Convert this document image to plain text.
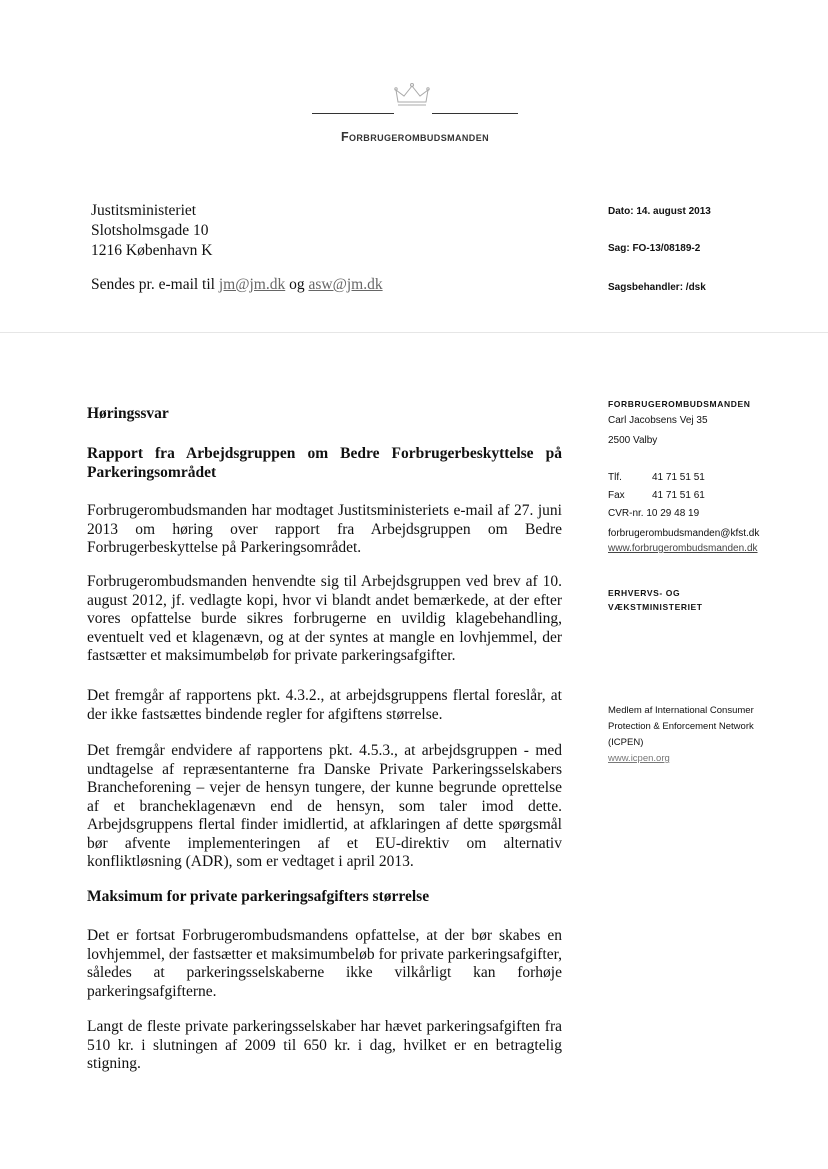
Forbrugerombudsmanden
Justitsministeriet
Slotsholmsgade 10
1216 København K
Sendes pr. e-mail til jm@jm.dk og asw@jm.dk
Dato: 14. august 2013
Sag: FO-13/08189-2
Sagsbehandler: /dsk
FORBRUGEROMBUDSMANDEN
Carl Jacobsens Vej 35
2500 Valby
Tlf.	41 71 51 51
Fax	41 71 51 61
CVR-nr. 10 29 48 19
forbrugerombudsmanden@kfst.dk
www.forbrugerombudsmanden.dk
ERHVERVS- OG
VÆKSTMINISTERIET
Medlem af International Consumer
Protection & Enforcement Network
(ICPEN)
www.icpen.org
Høringssvar
Rapport fra Arbejdsgruppen om Bedre Forbrugerbeskyttelse på Parkeringsområdet
Forbrugerombudsmanden har modtaget Justitsministeriets e-mail af 27. juni 2013 om høring over rapport fra Arbejdsgruppen om Bedre Forbrugerbeskyttelse på Parkeringsområdet.
Forbrugerombudsmanden henvendte sig til Arbejdsgruppen ved brev af 10. august 2012, jf. vedlagte kopi, hvor vi blandt andet bemærkede, at der efter vores opfattelse burde sikres forbrugerne en uvildig klagebehandling, eventuelt ved et klagenævn, og at der syntes at mangle en lovhjemmel, der fastsætter et maksimumbeløb for private parkeringsafgifter.
Det fremgår af rapportens pkt. 4.3.2., at arbejdsgruppens flertal foreslår, at der ikke fastsættes bindende regler for afgiftens størrelse.
Det fremgår endvidere af rapportens pkt. 4.5.3., at arbejdsgruppen - med undtagelse af repræsentanterne fra Danske Private Parkeringsselskabers Brancheforening – vejer de hensyn tungere, der kunne begrunde oprettelse af et brancheklagenævn end de hensyn, som taler imod dette. Arbejdsgruppens flertal finder imidlertid, at afklaringen af dette spørgsmål bør afvente implementeringen af et EU-direktiv om alternativ konfliktløsning (ADR), som er vedtaget i april 2013.
Maksimum for private parkeringsafgifters størrelse
Det er fortsat Forbrugerombudsmandens opfattelse, at der bør skabes en lovhjemmel, der fastsætter et maksimumbeløb for private parkeringsafgifter, således at parkeringsselskaberne ikke vilkårligt kan forhøje parkeringsafgifterne.
Langt de fleste private parkeringsselskaber har hævet parkeringsafgiften fra 510 kr. i slutningen af 2009 til 650 kr. i dag, hvilket er en betragtelig stigning.
